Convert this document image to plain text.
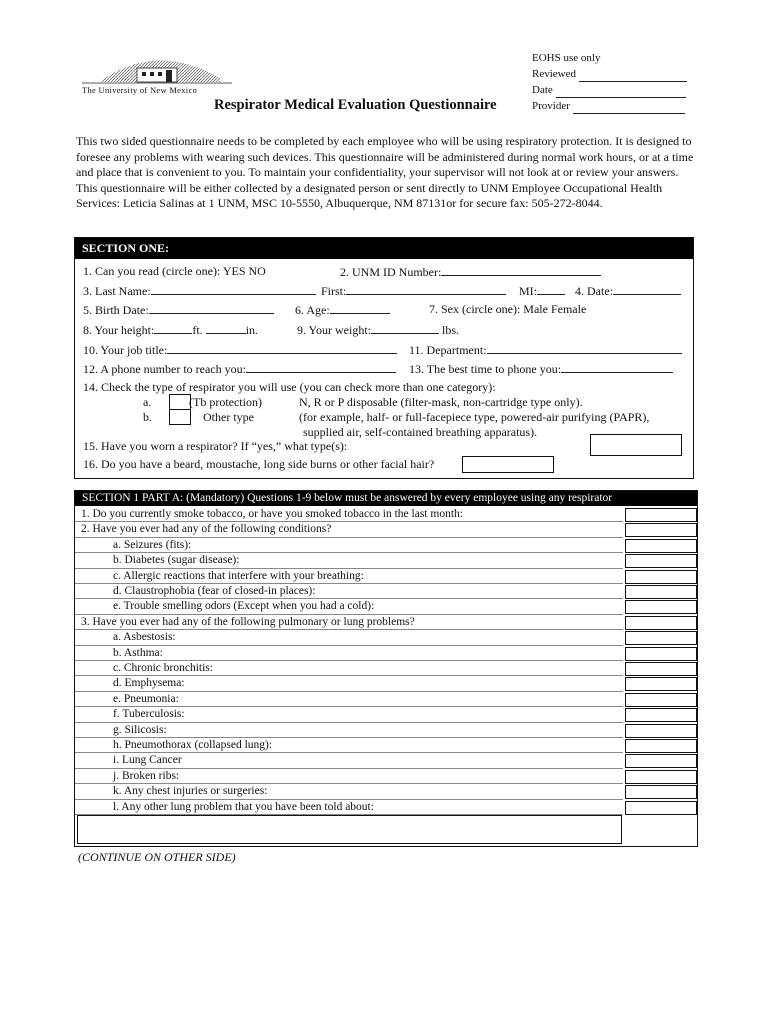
The University of New Mexico
EOHS use only
Reviewed
Date
Provider
Respirator Medical Evaluation Questionnaire
This two sided questionnaire needs to be completed by each employee who will be using respiratory protection. It is designed to foresee any problems with wearing such devices. This questionnaire will be administered during normal work hours, or at a time and place that is convenient to you. To maintain your confidentiality, your supervisor will not look at or review your answers. This questionnaire will be either collected by a designated person or sent directly to UNM Employee Occupational Health Services: Leticia Salinas at 1 UNM, MSC 10-5550, Albuquerque, NM 87131or for secure fax: 505-272-8044.
SECTION ONE:
1. Can you read (circle one): YES NO	2. UNM ID Number:
3. Last Name:	First:	MI:	4. Date:
5. Birth Date:	6. Age:	7. Sex (circle one): Male Female
8. Your height:	ft.	in.	9. Your weight:	lbs.
10. Your job title:	11. Department:
12. A phone number to reach you:	13. The best time to phone you:
14. Check the type of respirator you will use (you can check more than one category):
a.	(Tb protection)	N, R or P disposable (filter-mask, non-cartridge type only).
b.	Other type	(for example, half- or full-facepiece type, powered-air purifying (PAPR),
supplied air, self-contained breathing apparatus).
15. Have you worn a respirator? If “yes,” what type(s):
16. Do you have a beard, moustache, long side burns or other facial hair?
SECTION 1 PART A: (Mandatory) Questions 1-9 below must be answered by every employee using any respirator
1. Do you currently smoke tobacco, or have you smoked tobacco in the last month:
2. Have you ever had any of the following conditions?
a. Seizures (fits):
b. Diabetes (sugar disease):
c. Allergic reactions that interfere with your breathing:
d. Claustrophobia (fear of closed-in places):
e. Trouble smelling odors (Except when you had a cold):
3. Have you ever had any of the following pulmonary or lung problems?
a. Asbestosis:
b. Asthma:
c. Chronic bronchitis:
d. Emphysema:
e. Pneumonia:
f. Tuberculosis:
g. Silicosis:
h. Pneumothorax (collapsed lung):
i. Lung Cancer
j. Broken ribs:
k. Any chest injuries or surgeries:
l. Any other lung problem that you have been told about:
(CONTINUE ON OTHER SIDE)
